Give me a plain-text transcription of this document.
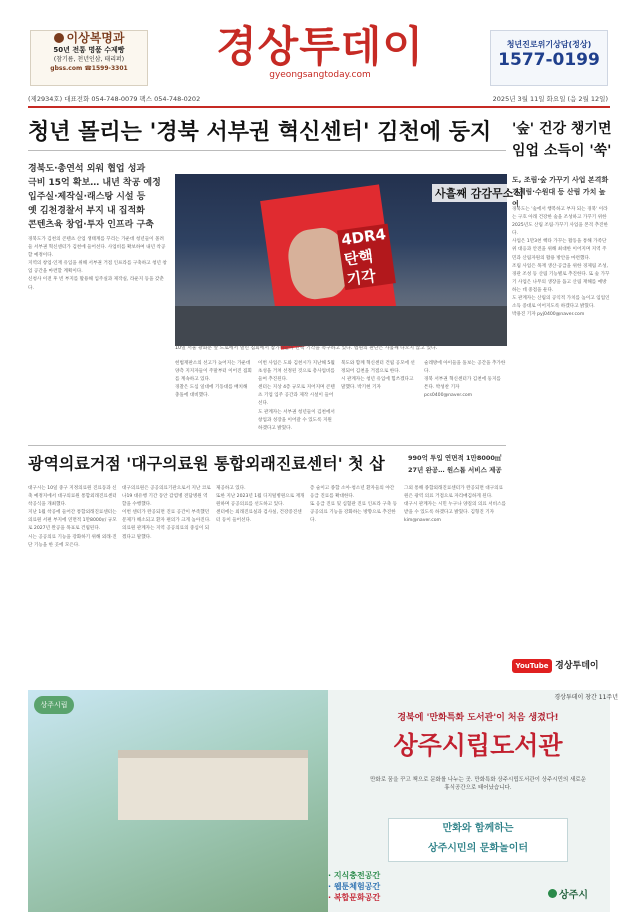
이상복명과
50년 전통 명품 수제빵
(참기름, 천년인삼, 태리퍼)
gbss.com ☎1599-3301	경상투데이
gyeongsangtoday.com
청년진로위기상담(정상)
1577-0199
(제2934호) 대표전화 054-748-0079 팩스 054-748-0202	2025년 3월 11일 화요일 (음 2월 12일)
청년 몰리는 '경북 서부권 혁신센터' 김천에 둥지
경북도·총연석 외워 협업 성과
극비 15억 확보… 내년 착공 예정
입주실·제작실·래스탕 시설 등
옛 김천경찰서 부지 내 집적화
콘텐츠육 창업·투자 인프라 구축

경북도가 김천의 콘텐츠 산업 생태계를 꾸리는 가운데 청년들이 몰려들 서부권 혁신센터가 김천에 들어선다. 사업비를 확보하여 내년 착공할 예정이다.

지역의 창업·인재 유입을 위해 서부권 거점 인프라를 구축하고 청년 창업 공간을 마련할 계획이다.

신청사 이전 후 빈 부지를 활용해 입주실과 제작실, 라운지 등을 갖춘다.

4DR4 탄핵 기각
사흘째 감감무소식
10일 서울 광화문 앞 도로에서 열린 집회에서 참가자들이 탄핵 기각을 촉구하고 있다. 법원의 판단은 사흘째 나오지 않고 있다.

헌법재판소의 선고가 늦어지는 가운데 양측 지지자들이 주말부터 이어진 집회를 계속하고 있다.

경찰은 도심 일대에 기동대를 배치해 충돌에 대비했다.

이번 사업은 도와 김천시가 지난해 5월 초성을 거쳐 선정된 것으로 총사업비를 들여 추진된다.

센터는 지상 4층 규모로 지어지며 콘텐츠 기업 입주 공간과 제작 시설이 들어선다.

도 관계자는 서부권 청년들이 김천에서 창업과 성장을 이어갈 수 있도록 지원하겠다고 밝혔다.

북도와 함께 혁신센터 건립 공모에 선정되어 김천을 거점으로 한다.

시 관계자는 청년 유입에 힘쓰겠다고 말했다. 박기현 기자

술레방에 아이들을 돌보는 공간을 추가한다.

경북 서부권 혁신센터가 김천에 둥지를 튼다. 박성찬 기자 pcs0400@naver.com

'숲' 건강 챙기면 임업 소득이 '쑥'
도, 조림·숲 가꾸기 사업 본격화
경제림·수원대 등 산림 가치 높여

경북도는 '숲에서 행복하고 부자 되는 경북' 이라는 구호 아래 건강한 숲을 조성하고 가꾸기 위한 2025년도 산림 조림·가꾸기 사업을 본격 추진한다.

사업은 1만3천 헥타 가꾸는 활동을 통해 가족단위 대응과 안전을 위해 최대한 이어지며 지역 주민과 산림자원의 활용 방안을 마련했다.

조림 사업은 목재 생산·공급을 위한 경제림 조성, 경관 조성 등 산림 기능별로 추진한다. 또 숲 가꾸기 사업은 나무의 생장을 돕고 산림 재해를 예방하는 데 중점을 둔다.

도 관계자는 산림의 공익적 가치를 높이고 임업인 소득 증대로 이어지도록 하겠다고 밝혔다.

박용진 기자 pyj0400@naver.com

YouTube 경상투데이
광역의료거점 '대구의료원 통합외래진료센터' 첫 삽	990억 투입 연면적 1만8000㎡
27년 완공… 원스톱 서비스 제공

대구시는 10일 중구 지정의료원 진료동과 신축 예정지에서 대구의료원 통합외래진료센터 착공식을 개최했다.

지난 1월 착공에 들어간 통합외래진료센터는 의료원 서편 부지에 연면적 1만8000㎡ 규모로 2027년 완공을 목표로 건립된다.

시는 공공의료 기능을 강화하기 위해 외래·진단 기능을 한 곳에 모은다.

대구의료원은 공공의료기관으로서 지난 코로나19 대유행 기간 동안 감염병 전담병원 역할을 수행했다.

이번 센터가 완공되면 진료 공간이 부족했던 문제가 해소되고 환자 편의가 크게 높아진다.

의료원 관계자는 지역 공공의료의 중심이 되겠다고 말했다.

제공하고 있다.

또한 지난 2023년 1월 디지털병원으로 재개원하며 공공의료를 선도하고 있다.

센터에는 외래진료실과 검사실, 건강증진센터 등이 들어선다.

층 술이고 종합 소아·청소년 환자들의 야간 응급 진료를 확대한다.

또 응급 진료 및 심혈관 진료 인프라 구축 등 공공의료 기능을 강화하는 방향으로 추진한다.

그외 통해 종합외래진료센터가 완공되면 대구의료원은 광역 의료 거점으로 자리매김하게 된다.

대구시 관계자는 시민 누구나 양질의 의료 서비스를 받을 수 있도록 하겠다고 밝혔다. 김형진 기자 kim@naver.com

상주시립
경상투데이 창간 11주년
경북에 '만화특화 도서관'이 처음 생겼다!
상주시립도서관
만화로 꿈을 꾸고 책으로 문화를 나누는 곳. 만화특화 상주시립도서관이 상주시민의 새로운 휴식공간으로 태어났습니다.
만화와 함께하는
상주시민의 문화놀이터
· 지식충전공간
· 웹툰체험공간
· 복합문화공간	상주시
